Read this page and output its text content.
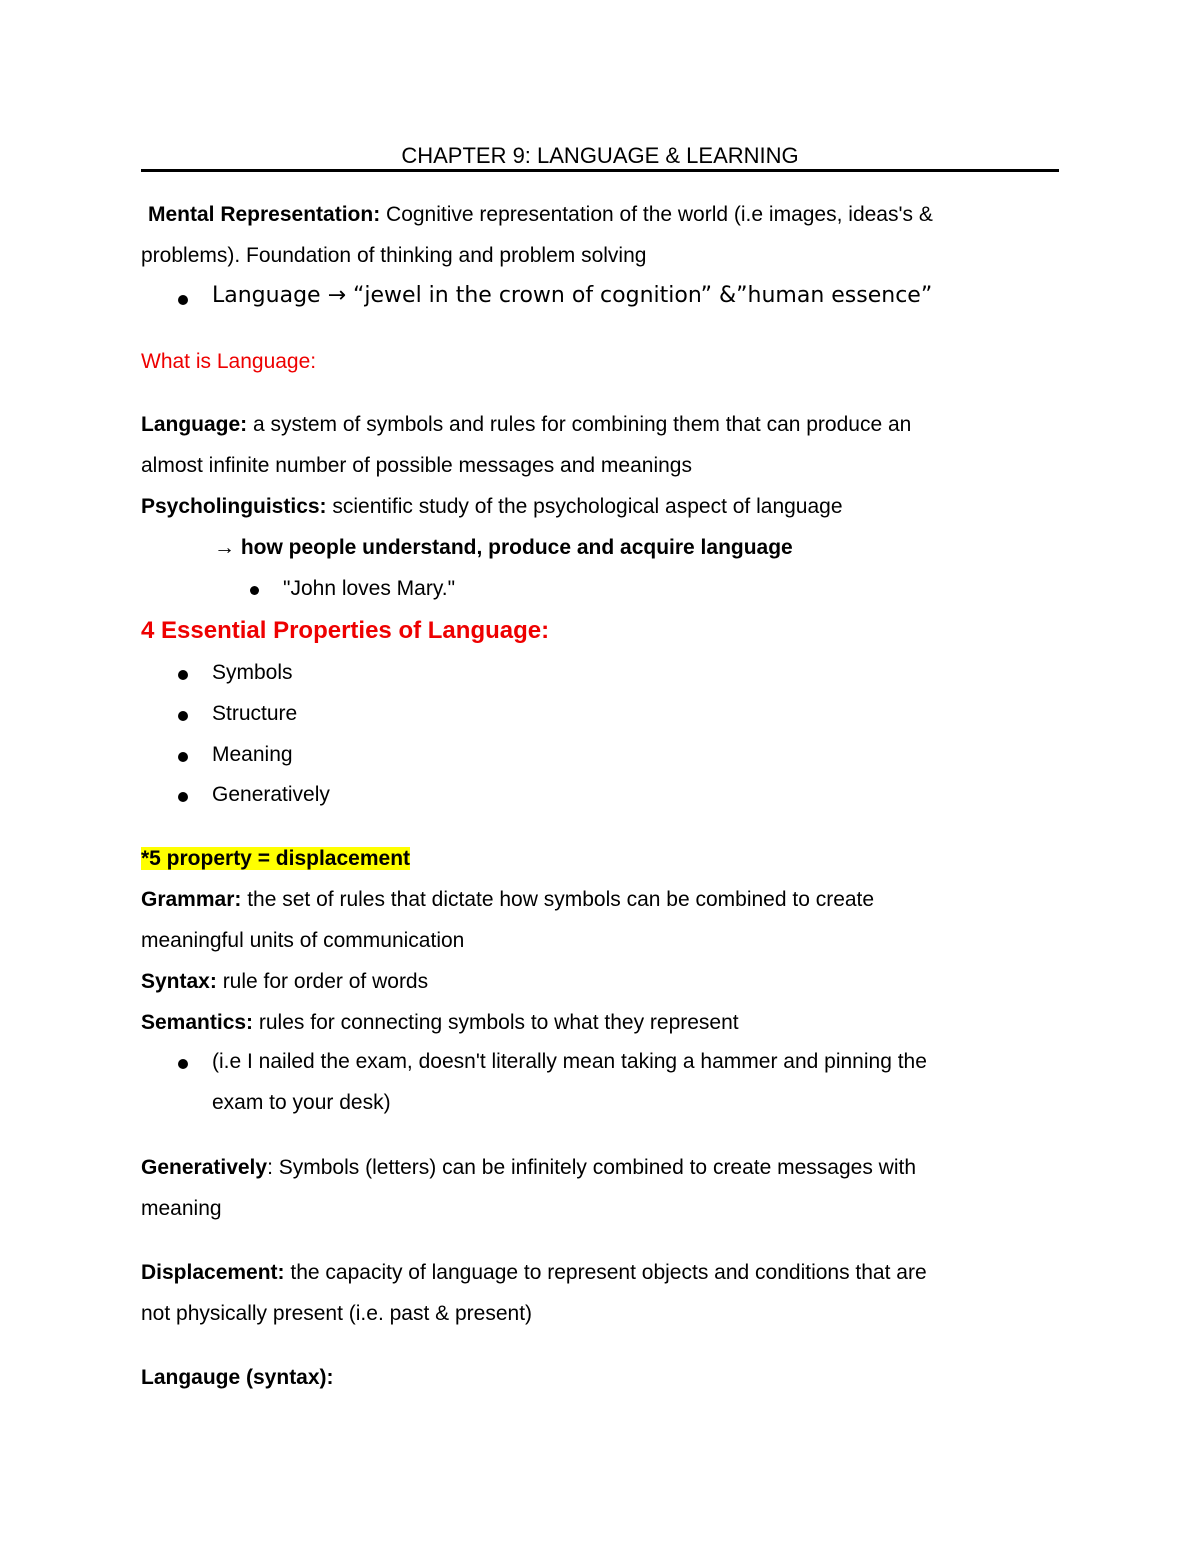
CHAPTER 9: LANGUAGE & LEARNING
Mental Representation: Cognitive representation of the world (i.e images, ideas's &
problems). Foundation of thinking and problem solving
Language → “jewel in the crown of cognition” &”human essence”
What is Language:
Language: a system of symbols and rules for combining them that can produce an
almost infinite number of possible messages and meanings
Psycholinguistics: scientific study of the psychological aspect of language
→ how people understand, produce and acquire language
"John loves Mary."
4 Essential Properties of Language:
Symbols
Structure
Meaning
Generatively
*5 property = displacement
Grammar: the set of rules that dictate how symbols can be combined to create
meaningful units of communication
Syntax: rule for order of words
Semantics: rules for connecting symbols to what they represent
(i.e I nailed the exam, doesn't literally mean taking a hammer and pinning the
exam to your desk)
Generatively: Symbols (letters) can be infinitely combined to create messages with
meaning
Displacement: the capacity of language to represent objects and conditions that are
not physically present (i.e. past & present)
Langauge (syntax):
